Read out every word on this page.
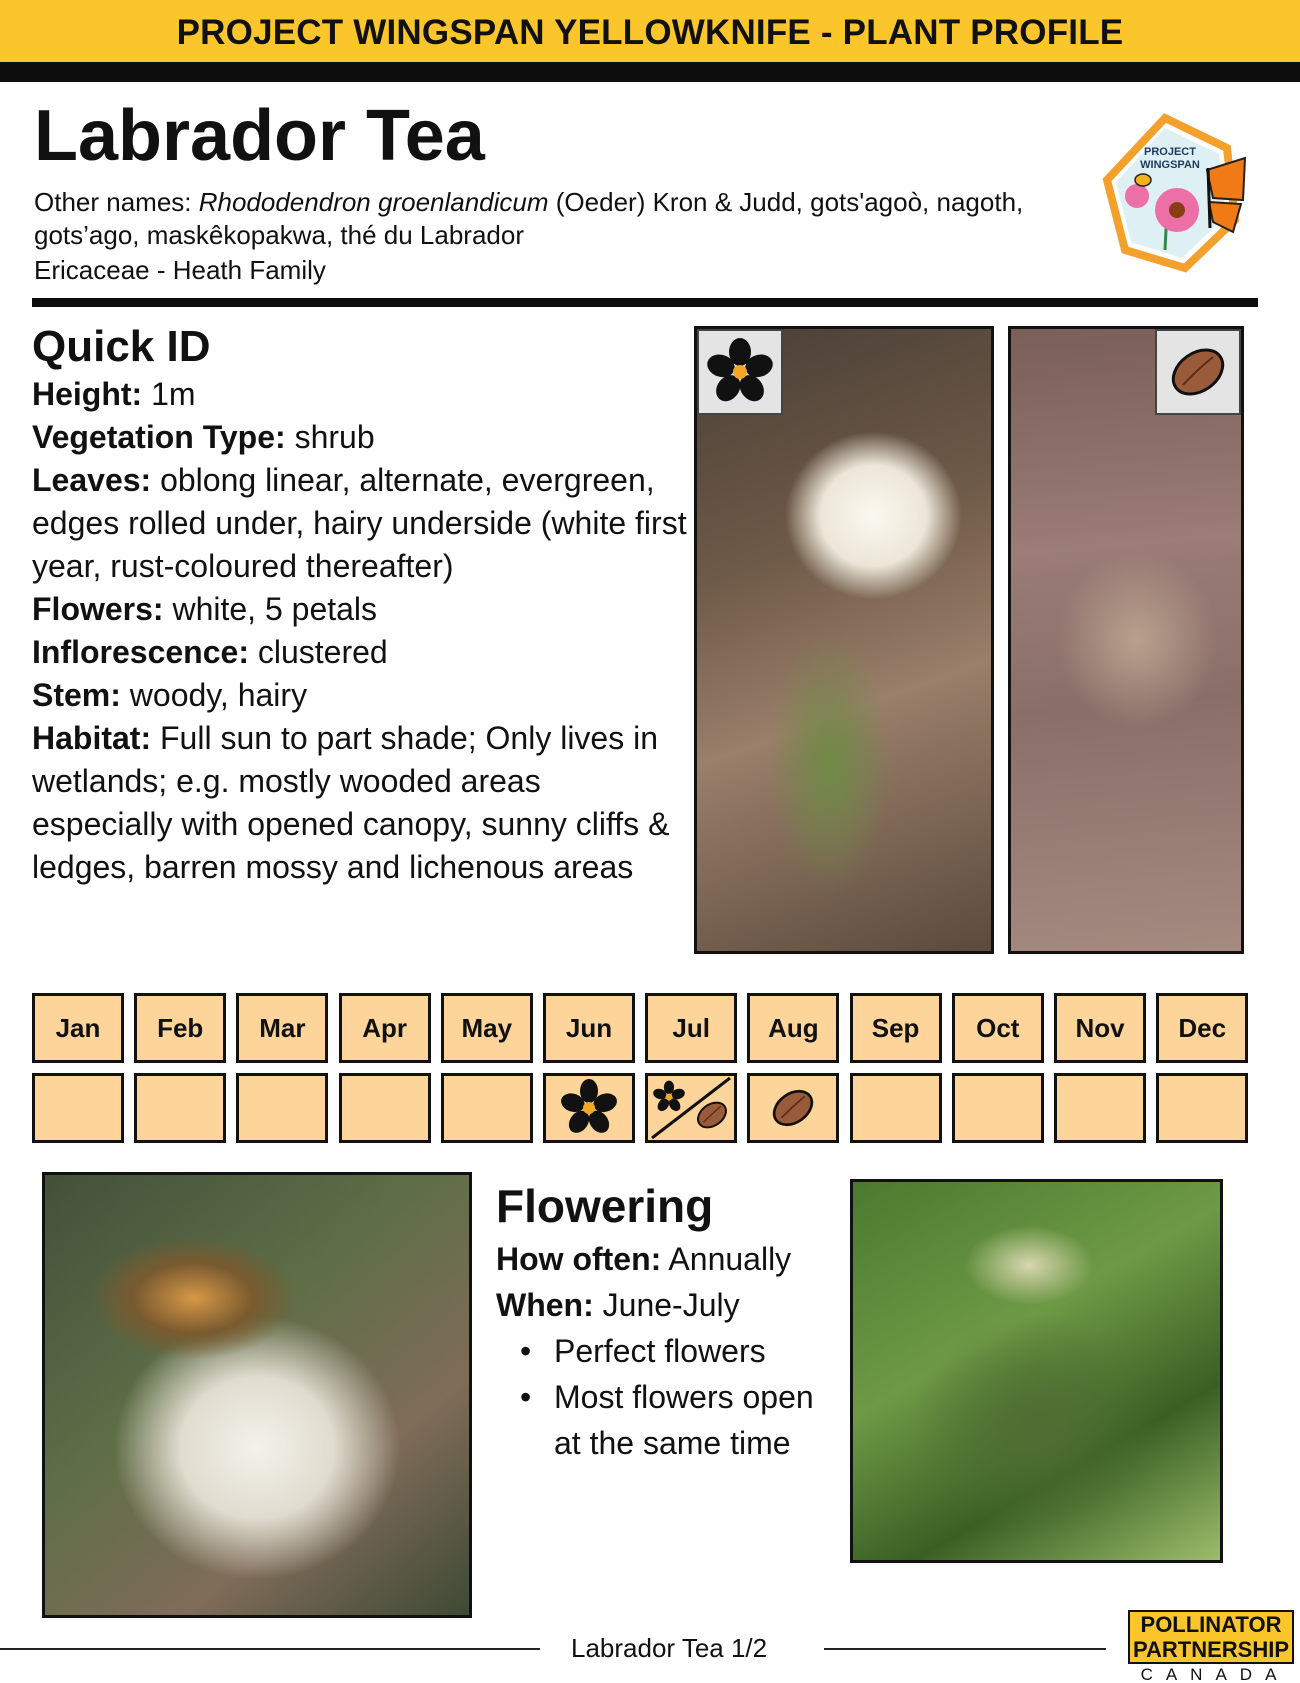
PROJECT WINGSPAN YELLOWKNIFE - PLANT PROFILE
Labrador Tea
Other names: Rhododendron groenlandicum (Oeder) Kron & Judd, gots'agoò, nagoth, gots’ago, maskêkopakwa, thé du Labrador
Ericaceae - Heath Family
PROJECT
WINGSPAN
Quick ID

Height: 1m

Vegetation Type: shrub

Leaves: oblong linear, alternate, evergreen, edges rolled under, hairy underside (white first year, rust-coloured thereafter)

Flowers: white, 5 petals

Inflorescence: clustered

Stem: woody, hairy

Habitat: Full sun to part shade; Only lives in wetlands; e.g. mostly wooded areas especially with opened canopy, sunny cliffs & ledges, barren mossy and lichenous areas

Jan	Feb	Mar	Apr	May	Jun	Jul	Aug	Sep	Oct	Nov	Dec
Flowering

How often: Annually

When: June-July

• Perfect flowers
• Most flowers open at the same time
Labrador Tea 1/2
POLLINATOR
PARTNERSHIP
CANADA
